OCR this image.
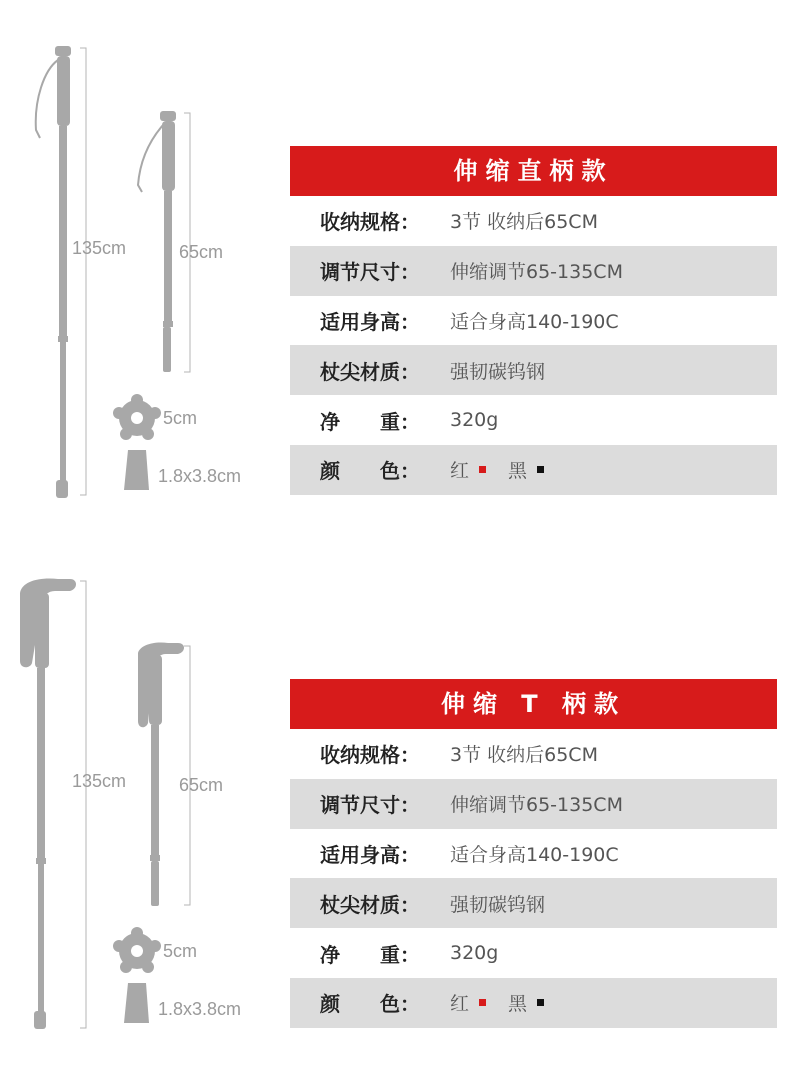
135cm	65cm
5cm
1.8x3.8cm
伸缩直柄款
收纳规格：	3节 收纳后65CM
调节尺寸：	伸缩调节65-135CM
适用身高：	适合身高140-190C
杖尖材质：	强韧碳钨钢
净 重：	320g
颜 色： 红 黑
135cm	65cm
5cm
1.8x3.8cm
伸缩 T 柄款
收纳规格：	3节 收纳后65CM
调节尺寸：	伸缩调节65-135CM
适用身高：	适合身高140-190C
杖尖材质：	强韧碳钨钢
净 重：	320g
颜 色： 红 黑
